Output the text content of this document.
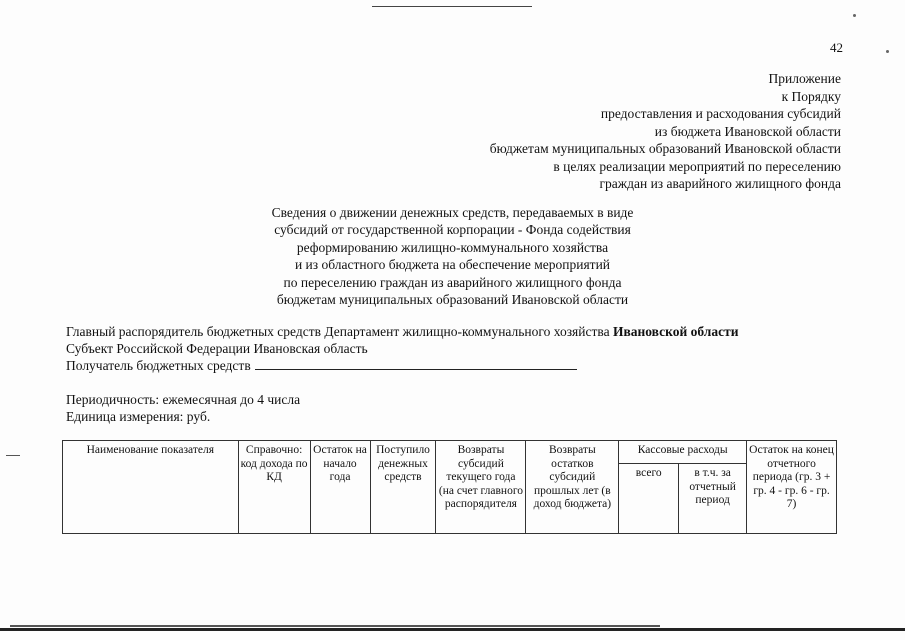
42
Приложение
к Порядку
предоставления и расходования субсидий
из бюджета Ивановской области
бюджетам муниципальных образований Ивановской области
в целях реализации мероприятий по переселению
граждан из аварийного жилищного фонда
Сведения о движении денежных средств, передаваемых в виде
субсидий от государственной корпорации - Фонда содействия
реформированию жилищно-коммунального хозяйства
и из областного бюджета на обеспечение мероприятий
по переселению граждан из аварийного жилищного фонда
бюджетам муниципальных образований Ивановской области
Главный распорядитель бюджетных средств Департамент жилищно-коммунального хозяйства Ивановской области
Субъект Российской Федерации Ивановская область
Получатель бюджетных средств
Периодичность: ежемесячная до 4 числа
Единица измерения: руб.
Наименование показателя	Справочно: код дохода по КД	Остаток на начало года	Поступило денежных средств	Возвраты субсидий текущего года (на счет главного распорядителя	Возвраты остатков субсидий прошлых лет (в доход бюджета)	Кассовые расходы		Остаток на конец отчетного периода (гр. 3 + гр. 4 - гр. 6 - гр. 7)
						всего	в т.ч. за отчетный период	
